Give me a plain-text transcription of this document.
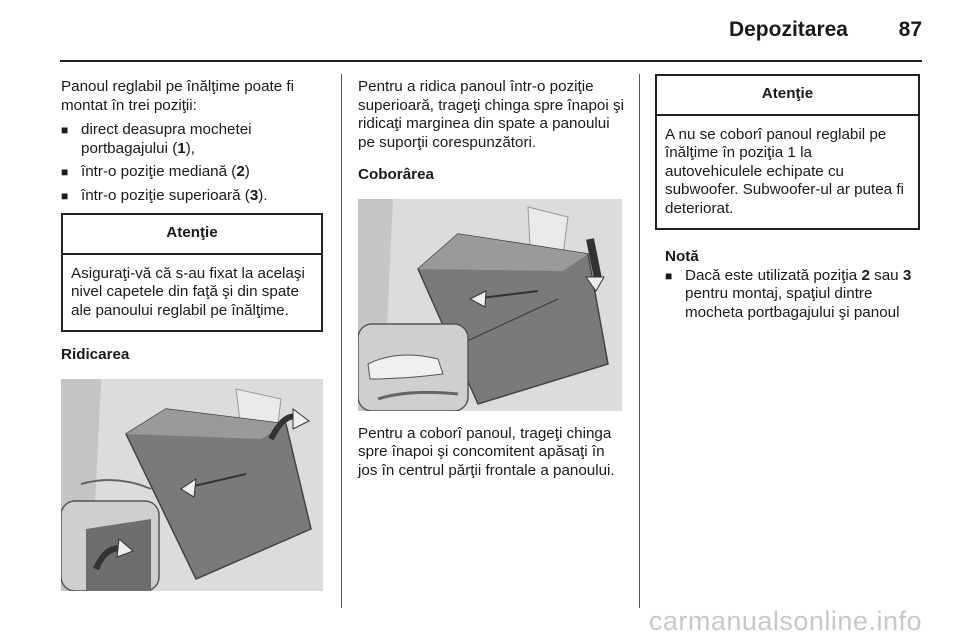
Depozitarea 87

Panoul reglabil pe înălţime poate fi montat în trei poziţii:

■ direct deasupra mochetei portbagajului (1),
■ într-o poziţie mediană (2)
■ într-o poziţie superioară (3).
Atenţie
Asiguraţi-vă că s-au fixat la acelaşi nivel capetele din faţă şi din spate ale panoului reglabil pe înălţime.

Ridicarea

Pentru a ridica panoul într-o poziţie superioară, trageţi chinga spre înapoi şi ridicaţi marginea din spate a panoului pe suporţii corespunzători.

Coborârea

Pentru a coborî panoul, trageţi chinga spre înapoi şi concomitent apăsaţi în jos în centrul părţii frontale a panoului.

Atenţie
A nu se coborî panoul reglabil pe înălţime în poziţia 1 la autovehiculele echipate cu subwoofer. Subwoofer-ul ar putea fi deteriorat.

Notă

■ Dacă este utilizată poziţia 2 sau 3 pentru montaj, spaţiul dintre mocheta portbagajului şi panoul
carmanualsonline.info
